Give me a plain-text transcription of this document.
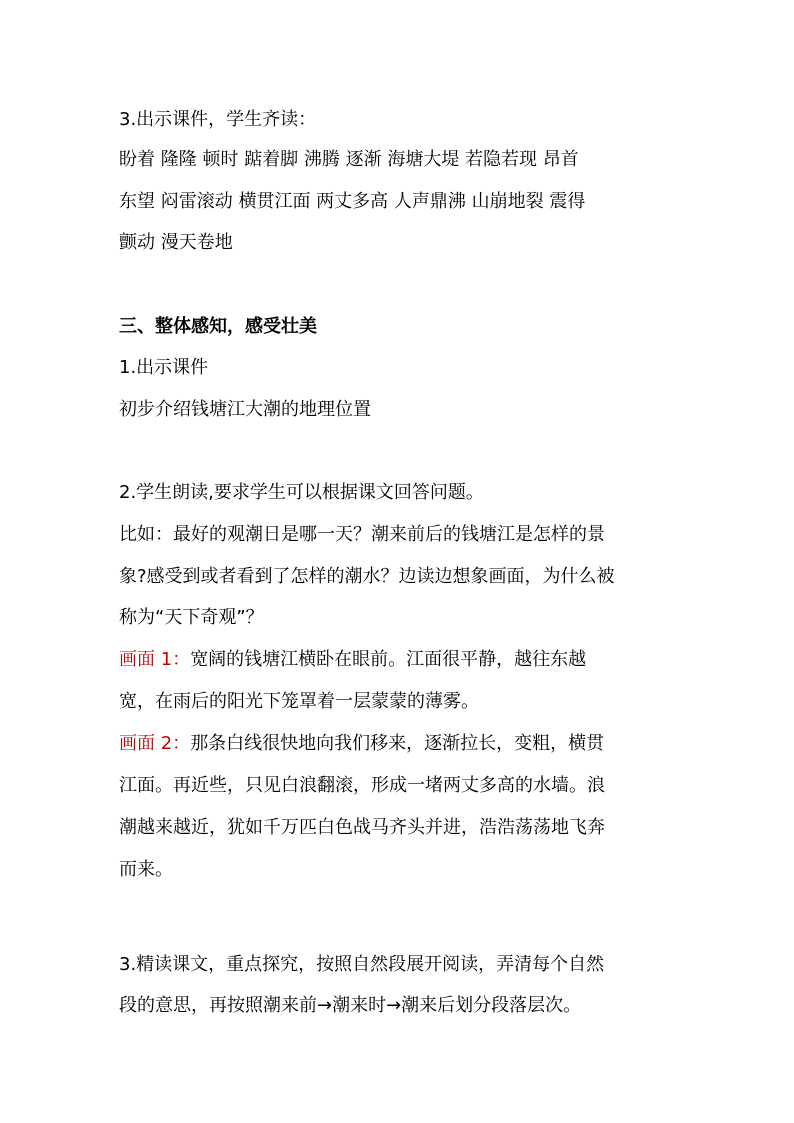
3.出示课件，学生齐读：
盼着 隆隆 顿时 踮着脚 沸腾 逐渐 海塘大堤 若隐若现 昂首
东望 闷雷滚动 横贯江面 两丈多高 人声鼎沸 山崩地裂 震得
颤动 漫天卷地
三、整体感知，感受壮美
1.出示课件
初步介绍钱塘江大潮的地理位置
2.学生朗读,要求学生可以根据课文回答问题。
比如：最好的观潮日是哪一天？潮来前后的钱塘江是怎样的景
象?感受到或者看到了怎样的潮水？边读边想象画面，为什么被
称为“天下奇观”？
画面 1：宽阔的钱塘江横卧在眼前。江面很平静，越往东越
宽，在雨后的阳光下笼罩着一层蒙蒙的薄雾。
画面 2：那条白线很快地向我们移来，逐渐拉长，变粗，横贯
江面。再近些，只见白浪翻滚，形成一堵两丈多高的水墙。浪
潮越来越近，犹如千万匹白色战马齐头并进，浩浩荡荡地飞奔
而来。
3.精读课文，重点探究，按照自然段展开阅读，弄清每个自然
段的意思，再按照潮来前→潮来时→潮来后划分段落层次。
